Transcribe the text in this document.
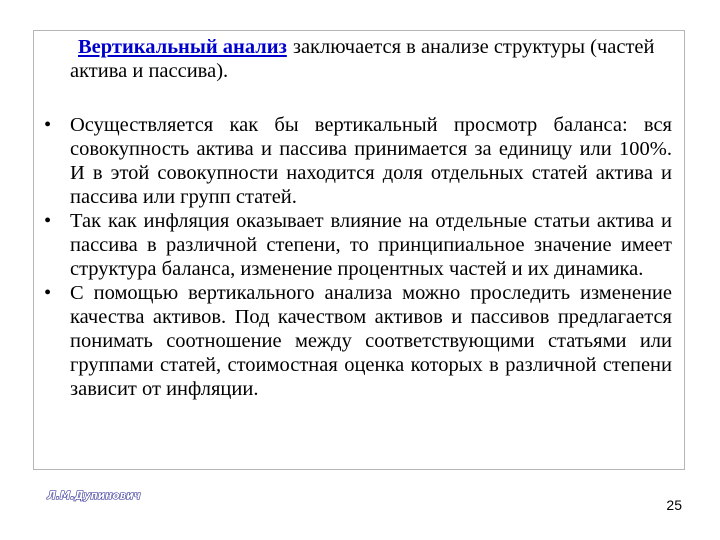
Вертикальный анализ заключается в анализе структуры (частей актива и пассива).

• Осуществляется как бы вертикальный просмотр баланса: вся совокупность актива и пассива принимается за единицу или 100%. И в этой совокупности находится доля отдельных статей актива и пассива или групп статей.
• Так как инфляция оказывает влияние на отдельные статьи актива и пассива в различной степени, то принципиальное значение имеет структура баланса, изменение процентных частей и их динамика.
• С помощью вертикального анализа можно проследить изменение качества активов. Под качеством активов и пассивов предлагается понимать соотношение между соответствующими статьями или группами статей, стоимостная оценка которых в различной степени зависит от инфляции.
Л.М.Дупинович
25
